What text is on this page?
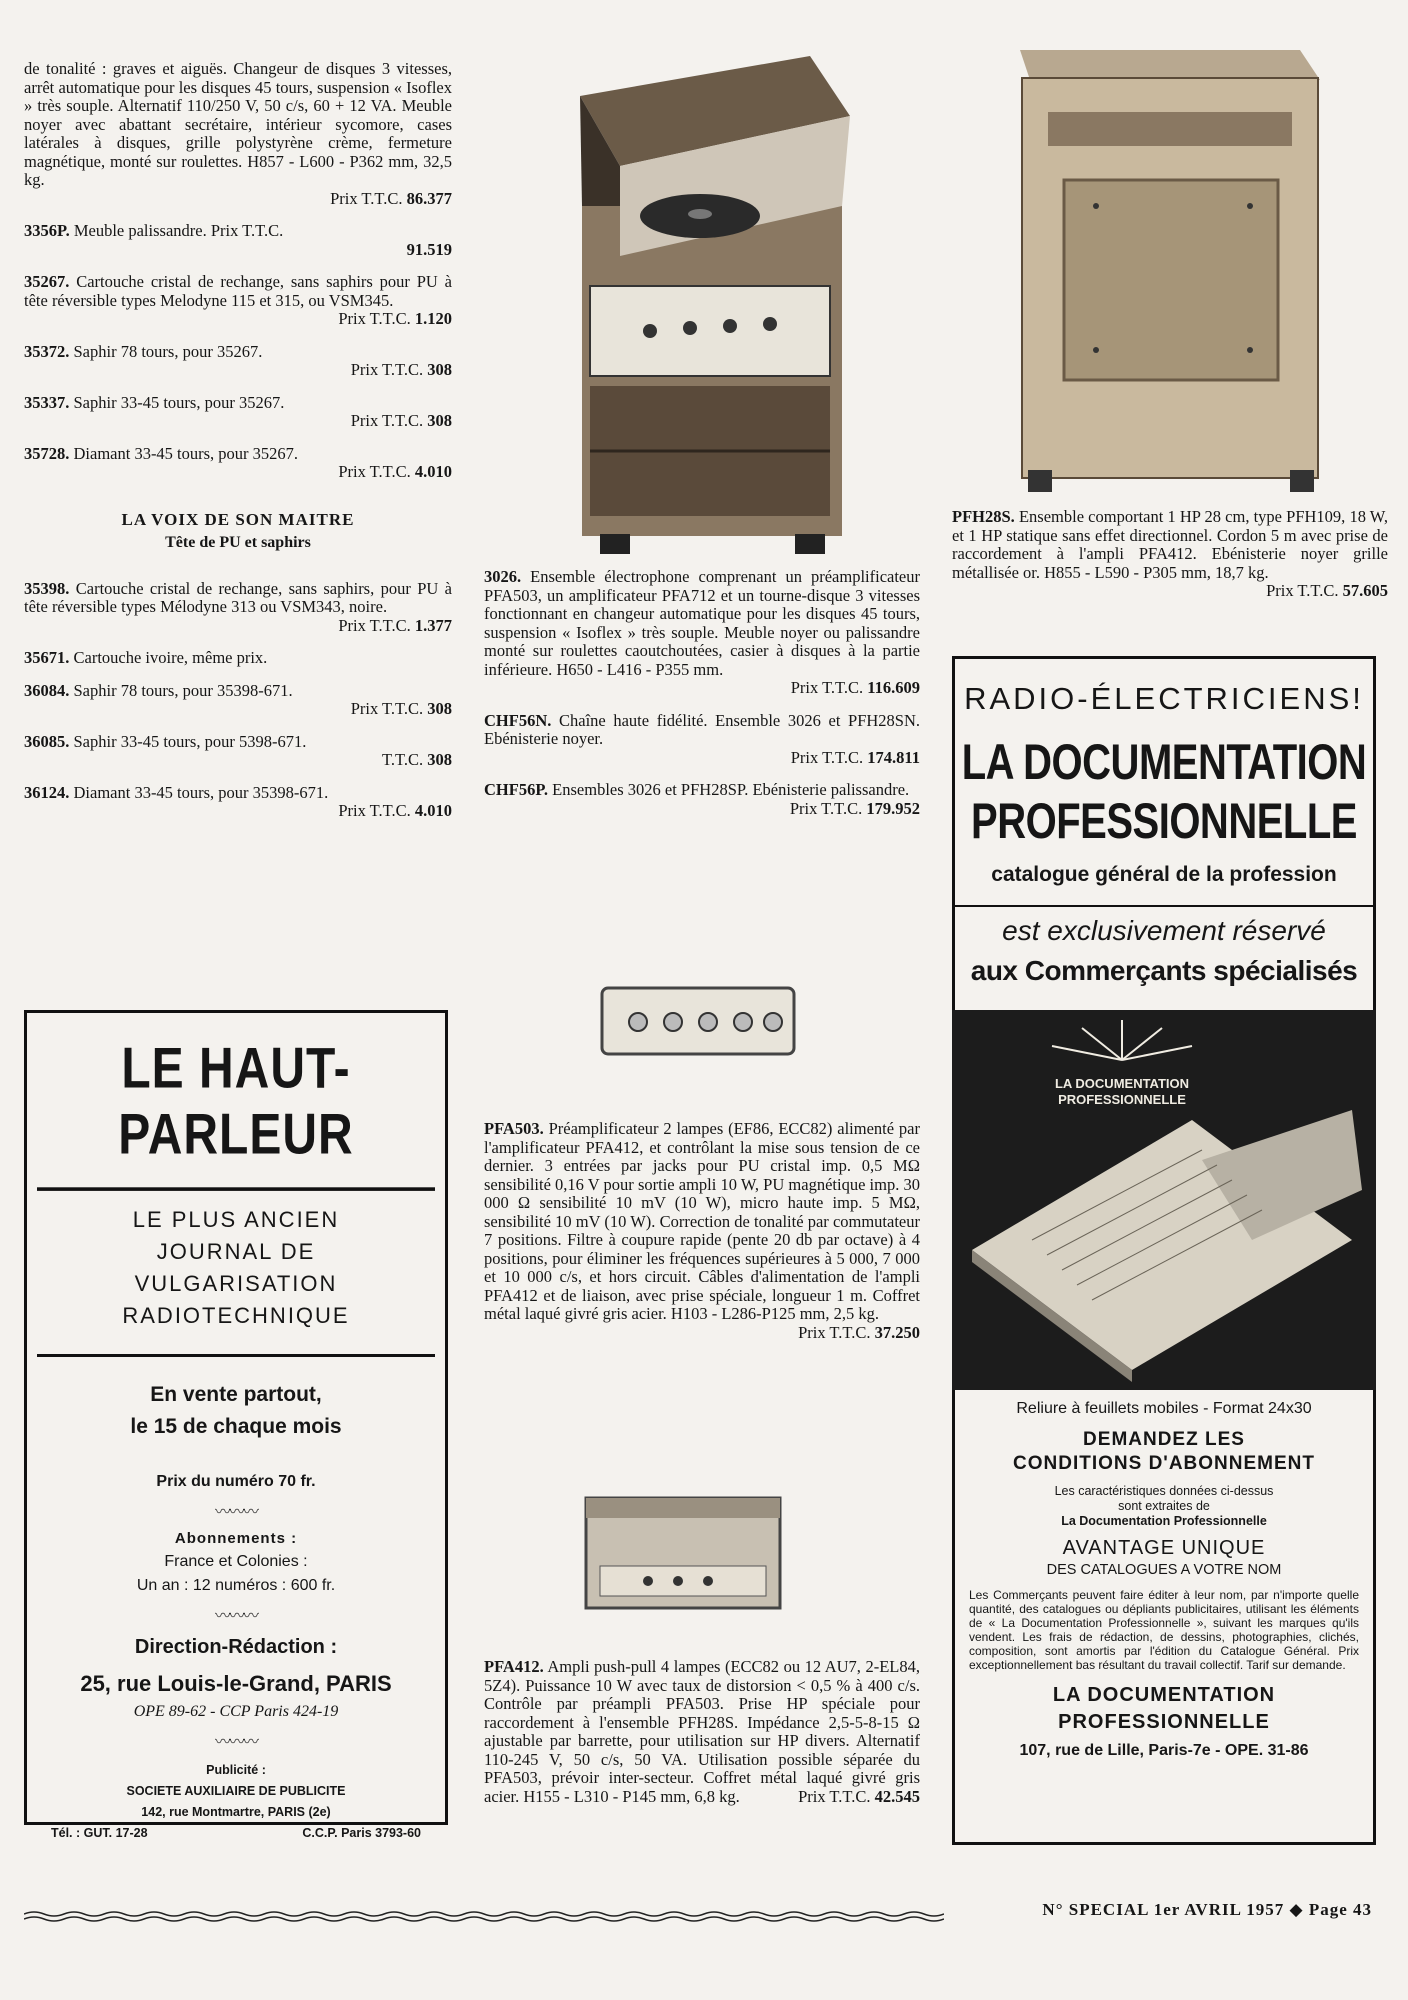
de tonalité : graves et aiguës. Changeur de disques 3 vitesses, arrêt automatique pour les disques 45 tours, suspension « Isoflex » très souple. Alternatif 110/250 V, 50 c/s, 60 + 12 VA. Meuble noyer avec abattant secrétaire, intérieur sycomore, cases latérales à disques, grille polystyrène crème, fermeture magnétique, monté sur roulettes. H857 - L600 - P362 mm, 32,5 kg.
Prix T.T.C. 86.377
3356P. Meuble palissandre. Prix T.T.C.
91.519
35267. Cartouche cristal de rechange, sans saphirs pour PU à tête réversible types Melodyne 115 et 315, ou VSM345.
Prix T.T.C. 1.120
35372. Saphir 78 tours, pour 35267.
Prix T.T.C. 308
35337. Saphir 33-45 tours, pour 35267.
Prix T.T.C. 308
35728. Diamant 33-45 tours, pour 35267.
Prix T.T.C. 4.010
LA VOIX DE SON MAITRE
Tête de PU et saphirs
35398. Cartouche cristal de rechange, sans saphirs, pour PU à tête réversible types Mélodyne 313 ou VSM343, noire.
Prix T.T.C. 1.377
35671. Cartouche ivoire, même prix.
36084. Saphir 78 tours, pour 35398-671.
Prix T.T.C. 308
36085. Saphir 33-45 tours, pour 5398-671.
T.T.C. 308
36124. Diamant 33-45 tours, pour 35398-671.
Prix T.T.C. 4.010
LE HAUT-PARLEUR
LE PLUS ANCIEN
JOURNAL DE
VULGARISATION
RADIOTECHNIQUE
En vente partout,
le 15 de chaque mois
Prix du numéro 70 fr.
〰〰〰
Abonnements :
France et Colonies :
Un an : 12 numéros : 600 fr.
〰〰〰
Direction-Rédaction :
25, rue Louis-le-Grand, PARIS
OPE 89-62 - CCP Paris 424-19
〰〰〰
Publicité :
SOCIETE AUXILIAIRE DE PUBLICITE
142, rue Montmartre, PARIS (2e)
Tél. : GUT. 17-28	C.C.P. Paris 3793-60
3026. Ensemble électrophone comprenant un préamplificateur PFA503, un amplificateur PFA712 et un tourne-disque 3 vitesses fonctionnant en changeur automatique pour les disques 45 tours, suspension « Isoflex » très souple. Meuble noyer ou palissandre monté sur roulettes caoutchoutées, casier à disques à la partie inférieure. H650 - L416 - P355 mm.
Prix T.T.C. 116.609
CHF56N. Chaîne haute fidélité. Ensemble 3026 et PFH28SN. Ebénisterie noyer.
Prix T.T.C. 174.811
CHF56P. Ensembles 3026 et PFH28SP. Ebénisterie palissandre.
Prix T.T.C. 179.952
PFA503. Préamplificateur 2 lampes (EF86, ECC82) alimenté par l'amplificateur PFA412, et contrôlant la mise sous tension de ce dernier. 3 entrées par jacks pour PU cristal imp. 0,5 MΩ sensibilité 0,16 V pour sortie ampli 10 W, PU magnétique imp. 30 000 Ω sensibilité 10 mV (10 W), micro haute imp. 5 MΩ, sensibilité 10 mV (10 W). Correction de tonalité par commutateur 7 positions. Filtre à coupure rapide (pente 20 db par octave) à 4 positions, pour éliminer les fréquences supérieures à 5 000, 7 000 et 10 000 c/s, et hors circuit. Câbles d'alimentation de l'ampli PFA412 et de liaison, avec prise spéciale, longueur 1 m. Coffret métal laqué givré gris acier. H103 - L286-P125 mm, 2,5 kg.
Prix T.T.C. 37.250
PFA412. Ampli push-pull 4 lampes (ECC82 ou 12 AU7, 2-EL84, 5Z4). Puissance 10 W avec taux de distorsion < 0,5 % à 400 c/s. Contrôle par préampli PFA503. Prise HP spéciale pour raccordement à l'ensemble PFH28S. Impédance 2,5-5-8-15 Ω ajustable par barrette, pour utilisation sur HP divers. Alternatif 110-245 V, 50 c/s, 50 VA. Utilisation possible séparée du PFA503, prévoir inter-secteur. Coffret métal laqué givré gris acier. H155 - L310 - P145 mm, 6,8 kg.	Prix T.T.C. 42.545
PFH28S. Ensemble comportant 1 HP 28 cm, type PFH109, 18 W, et 1 HP statique sans effet directionnel. Cordon 5 m avec prise de raccordement à l'ampli PFA412. Ebénisterie noyer grille métallisée or. H855 - L590 - P305 mm, 18,7 kg.
Prix T.T.C. 57.605
RADIO-ÉLECTRICIENS!
LA DOCUMENTATION
PROFESSIONNELLE
catalogue général de la profession
est exclusivement réservé
aux Commerçants spécialisés
LA DOCUMENTATION
PROFESSIONNELLE
Reliure à feuillets mobiles - Format 24x30
DEMANDEZ LES
CONDITIONS D'ABONNEMENT
Les caractéristiques données ci-dessus
sont extraites de
La Documentation Professionnelle
AVANTAGE UNIQUE
DES CATALOGUES A VOTRE NOM
Les Commerçants peuvent faire éditer à leur nom, par n'importe quelle quantité, des catalogues ou dépliants publicitaires, utilisant les éléments de « La Documentation Professionnelle », suivant les marques qu'ils vendent. Les frais de rédaction, de dessins, photographies, clichés, composition, sont amortis par l'édition du Catalogue Général. Prix exceptionnellement bas résultant du travail collectif. Tarif sur demande.
LA DOCUMENTATION
PROFESSIONNELLE
107, rue de Lille, Paris-7e - OPE. 31-86
N° SPECIAL 1er AVRIL 1957 ◆ Page 43
